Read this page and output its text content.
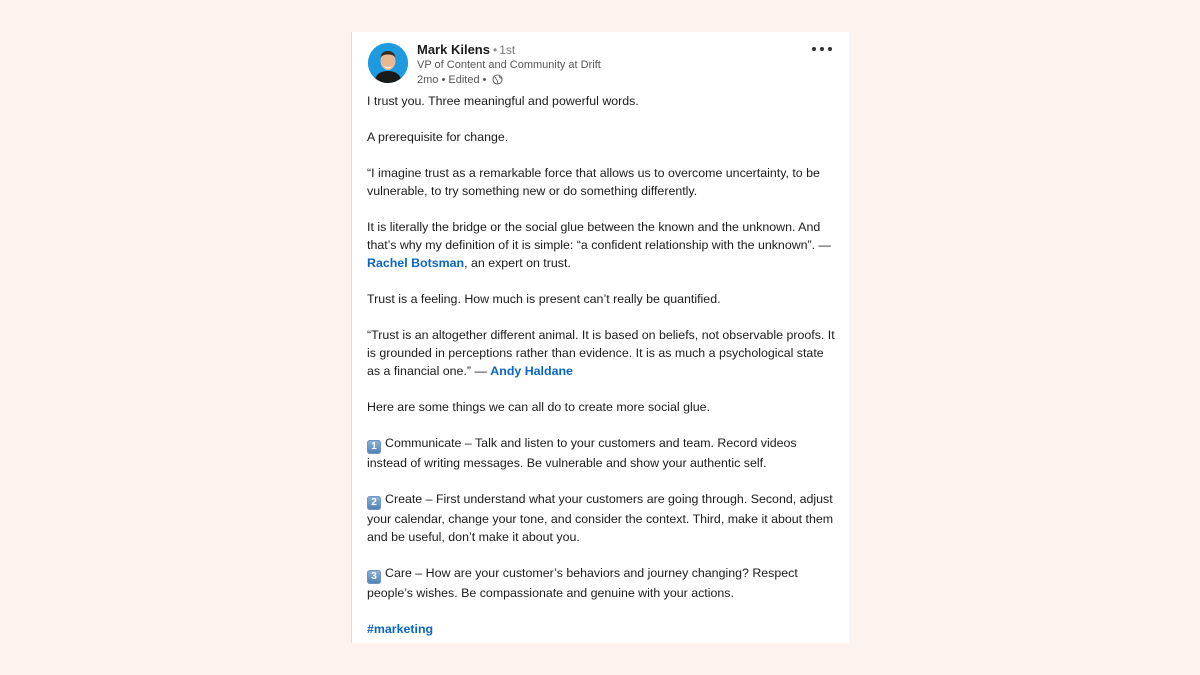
Mark Kilens • 1st
VP of Content and Community at Drift
2mo • Edited •

I trust you. Three meaningful and powerful words.

A prerequisite for change.

“I imagine trust as a remarkable force that allows us to overcome uncertainty, to be vulnerable, to try something new or do something differently.

It is literally the bridge or the social glue between the known and the unknown. And that’s why my definition of it is simple: “a confident relationship with the unknown”. — Rachel Botsman, an expert on trust.

Trust is a feeling. How much is present can’t really be quantified.

“Trust is an altogether different animal. It is based on beliefs, not observable proofs. It is grounded in perceptions rather than evidence. It is as much a psychological state as a financial one.” — Andy Haldane

Here are some things we can all do to create more social glue.

1 Communicate – Talk and listen to your customers and team. Record videos instead of writing messages. Be vulnerable and show your authentic self.

2 Create – First understand what your customers are going through. Second, adjust your calendar, change your tone, and consider the context. Third, make it about them and be useful, don’t make it about you.

3 Care – How are your customer’s behaviors and journey changing? Respect people’s wishes. Be compassionate and genuine with your actions.

#marketing
